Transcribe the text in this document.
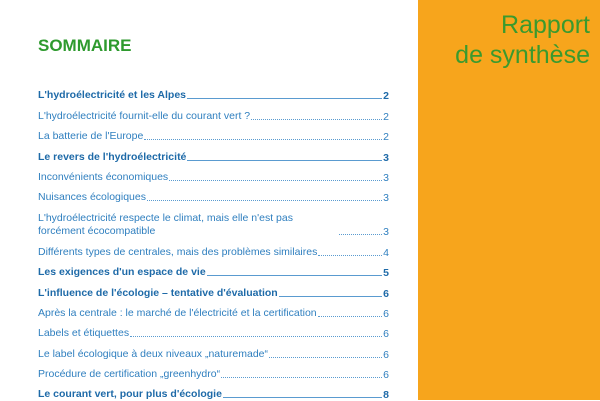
Rapport
de synthèse
SOMMAIRE
L'hydroélectricité et les Alpes	2
L'hydroélectricité fournit-elle du courant vert ?	2
La batterie de l'Europe	2
Le revers de l'hydroélectricité	3
Inconvénients économiques	3
Nuisances écologiques	3
L'hydroélectricité respecte le climat, mais elle n'est pas forcément écocompatible	3
Différents types de centrales, mais des problèmes similaires	4
Les exigences d'un espace de vie	5
L'influence de l'écologie – tentative d'évaluation	6
Après la centrale : le marché de l'électricité et la certification	6
Labels et étiquettes	6
Le label écologique à deux niveaux „naturemade“	6
Procédure de certification „greenhydro“	6
Le courant vert, pour plus d'écologie	8
